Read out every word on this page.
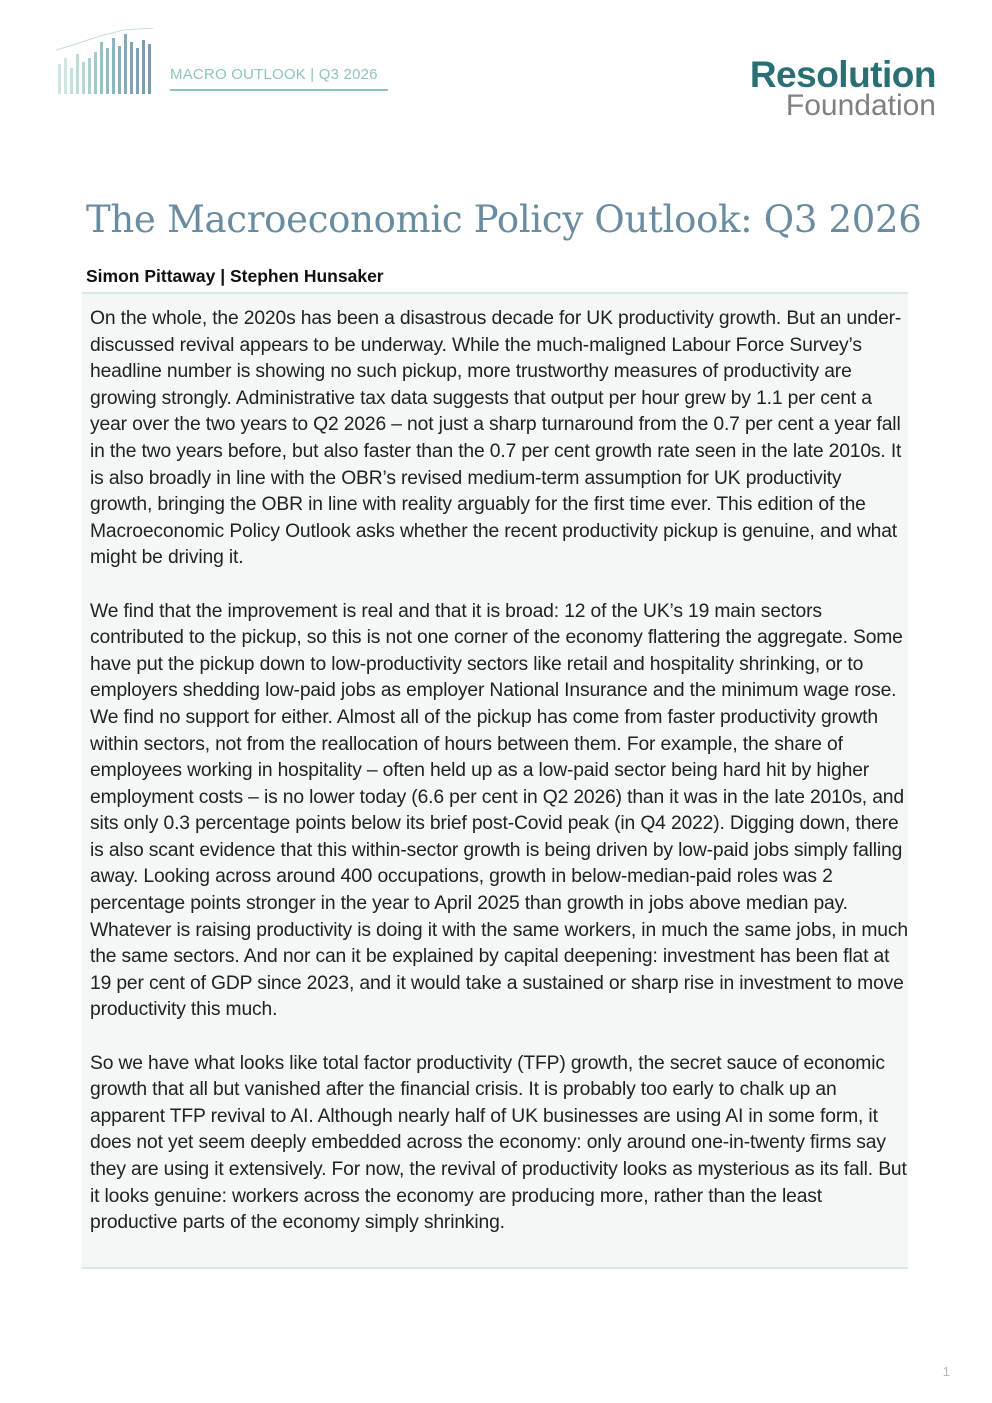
MACRO OUTLOOK | Q3 2026	Resolution
Foundation
The Macroeconomic Policy Outlook: Q3 2026
Simon Pittaway | Stephen Hunsaker

On the whole, the 2020s has been a disastrous decade for UK productivity growth. But an under-discussed revival appears to be underway. While the much-maligned Labour Force Survey’s headline number is showing no such pickup, more trustworthy measures of productivity are growing strongly. Administrative tax data suggests that output per hour grew by 1.1 per cent a year over the two years to Q2 2026 – not just a sharp turnaround from the 0.7 per cent a year fall in the two years before, but also faster than the 0.7 per cent growth rate seen in the late 2010s. It is also broadly in line with the OBR’s revised medium-term assumption for UK productivity growth, bringing the OBR in line with reality arguably for the first time ever. This edition of the Macroeconomic Policy Outlook asks whether the recent productivity pickup is genuine, and what might be driving it.

We find that the improvement is real and that it is broad: 12 of the UK’s 19 main sectors contributed to the pickup, so this is not one corner of the economy flattering the aggregate. Some have put the pickup down to low-productivity sectors like retail and hospitality shrinking, or to employers shedding low-paid jobs as employer National Insurance and the minimum wage rose. We find no support for either. Almost all of the pickup has come from faster productivity growth within sectors, not from the reallocation of hours between them. For example, the share of employees working in hospitality – often held up as a low-paid sector being hard hit by higher employment costs – is no lower today (6.6 per cent in Q2 2026) than it was in the late 2010s, and sits only 0.3 percentage points below its brief post-Covid peak (in Q4 2022). Digging down, there is also scant evidence that this within-sector growth is being driven by low-paid jobs simply falling away. Looking across around 400 occupations, growth in below-median-paid roles was 2 percentage points stronger in the year to April 2025 than growth in jobs above median pay. Whatever is raising productivity is doing it with the same workers, in much the same jobs, in much the same sectors. And nor can it be explained by capital deepening: investment has been flat at 19 per cent of GDP since 2023, and it would take a sustained or sharp rise in investment to move productivity this much.

So we have what looks like total factor productivity (TFP) growth, the secret sauce of economic growth that all but vanished after the financial crisis. It is probably too early to chalk up an apparent TFP revival to AI. Although nearly half of UK businesses are using AI in some form, it does not yet seem deeply embedded across the economy: only around one-in-twenty firms say they are using it extensively. For now, the revival of productivity looks as mysterious as its fall. But it looks genuine: workers across the economy are producing more, rather than the least productive parts of the economy simply shrinking.

1
